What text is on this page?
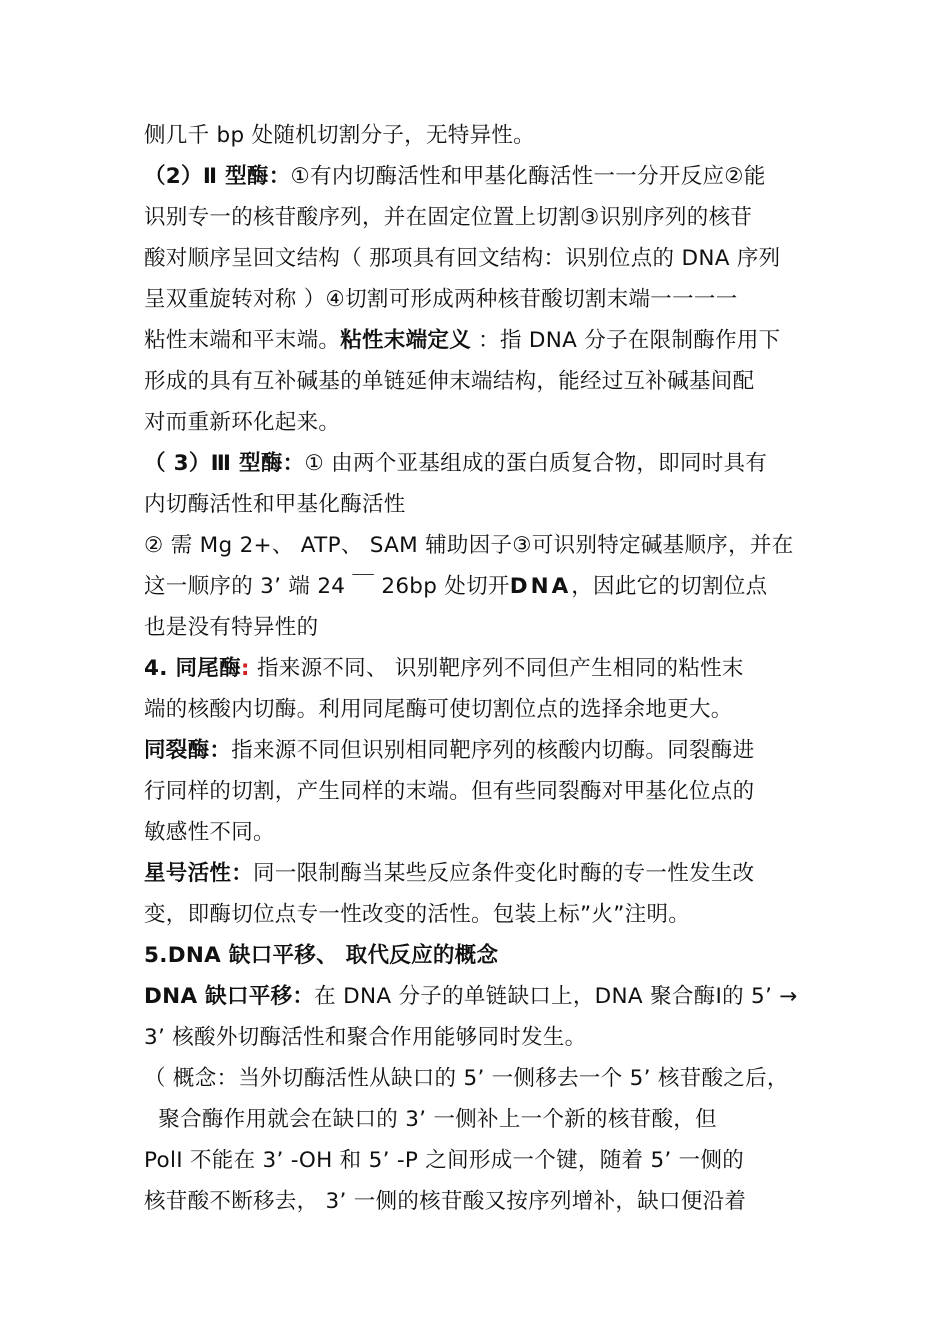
侧几千 bp 处随机切割分子，无特异性。
（2）Ⅱ 型酶：①有内切酶活性和甲基化酶活性一一分开反应②能
识别专一的核苷酸序列，并在固定位置上切割③识别序列的核苷
酸对顺序呈回文结构（ 那项具有回文结构：识别位点的 DNA 序列
呈双重旋转对称 ）④切割可形成两种核苷酸切割末端一一一一
粘性末端和平末端。粘性末端定义 ：指 DNA 分子在限制酶作用下
形成的具有互补碱基的单链延伸末端结构，能经过互补碱基间配
对而重新环化起来。
（ 3）Ⅲ 型酶：① 由两个亚基组成的蛋白质复合物，即同时具有
内切酶活性和甲基化酶活性
② 需 Mg 2+、 ATP、 SAM 辅助因子③可识别特定碱基顺序，并在
这一顺序的 3’ 端 24 ￣ 26bp 处切开DNA，因此它的切割位点
也是没有特异性的
4. 同尾酶: 指来源不同、 识别靶序列不同但产生相同的粘性末
端的核酸内切酶。利用同尾酶可使切割位点的选择余地更大。
同裂酶：指来源不同但识别相同靶序列的核酸内切酶。同裂酶进
行同样的切割，产生同样的末端。但有些同裂酶对甲基化位点的
敏感性不同。
星号活性：同一限制酶当某些反应条件变化时酶的专一性发生改
变，即酶切位点专一性改变的活性。包装上标”火”注明。
5.DNA 缺口平移、 取代反应的概念
DNA 缺口平移：在 DNA 分子的单链缺口上，DNA 聚合酶Ⅰ的 5’ →
3’ 核酸外切酶活性和聚合作用能够同时发生。
（ 概念：当外切酶活性从缺口的 5’ 一侧移去一个 5’ 核苷酸之后，
聚合酶作用就会在缺口的 3’ 一侧补上一个新的核苷酸，但
PolⅠ 不能在 3’ -OH 和 5’ -P 之间形成一个键，随着 5’ 一侧的
核苷酸不断移去， 3’ 一侧的核苷酸又按序列增补，缺口便沿着
